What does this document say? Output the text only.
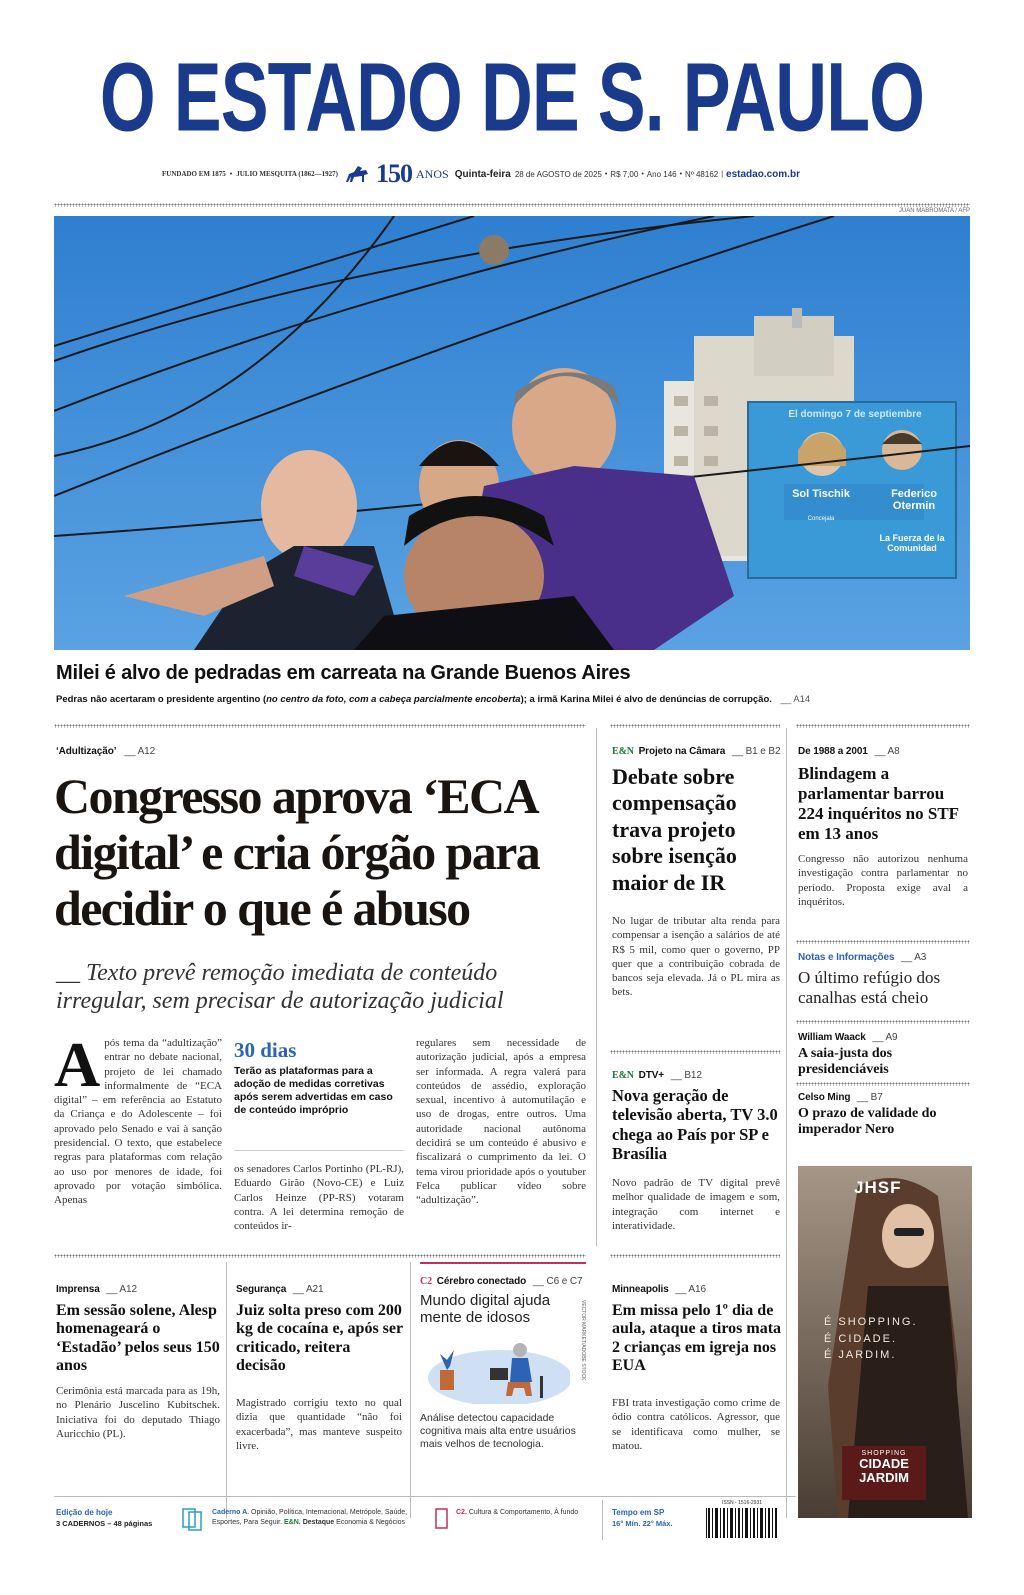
O ESTADO DE S. PAULO
FUNDADO EM 1875 • JULIO MESQUITA (1862—1927) 150 ANOS Quinta-feira 28 de AGOSTO de 2025 • R$ 7,00 • Ano 146 • Nº 48162 | estadao.com.br
JUAN MABROMATA / AFP
El domingo 7 de septiembre
Sol Tischik
Concejala
Federico Otermin
La Fuerza de la Comunidad
Milei é alvo de pedradas em carreata na Grande Buenos Aires
Pedras não acertaram o presidente argentino (no centro da foto, com a cabeça parcialmente encoberta); a irmã Karina Milei é alvo de denúncias de corrupção. __ A14
‘Adultização’ __ A12
Congresso aprova ‘ECA digital’ e cria órgão para decidir o que é abuso
__ Texto prevê remoção imediata de conteúdo irregular, sem precisar de autorização judicial
A pós tema da “adultização” entrar no debate nacional, projeto de lei chamado informalmente de “ECA digital” – em referência ao Estatuto da Criança e do Adolescente – foi aprovado pelo Senado e vai à sanção presidencial. O texto, que estabelece regras para plataformas com relação ao uso por menores de idade, foi aprovado por votação simbólica. Apenas

30 dias
Terão as plataformas para a adoção de medidas corretivas após serem advertidas em caso de conteúdo impróprio

os senadores Carlos Portinho (PL-RJ), Eduardo Girão (Novo-CE) e Luiz Carlos Heinze (PP-RS) votaram contra. A lei determina remoção de conteúdos ir-

regulares sem necessidade de autorização judicial, após a empresa ser informada. A regra valerá para conteúdos de assédio, exploração sexual, incentivo à automutilação e uso de drogas, entre outros. Uma autoridade nacional autônoma decidirá se um conteúdo é abusivo e fiscalizará o cumprimento da lei. O tema virou prioridade após o youtuber Felca publicar vídeo sobre “adultização”.

E&N Projeto na Câmara __ B1 e B2
Debate sobre compensação trava projeto sobre isenção maior de IR

No lugar de tributar alta renda para compensar a isenção a salários de até R$ 5 mil, como quer o governo, PP quer que a contribuição cobrada de bancos seja elevada. Já o PL mira as bets.

E&N DTV+ __ B12
Nova geração de televisão aberta, TV 3.0 chega ao País por SP e Brasília

Novo padrão de TV digital prevê melhor qualidade de imagem e som, integração com internet e interatividade.

De 1988 a 2001 __ A8
Blindagem a parlamentar barrou 224 inquéritos no STF em 13 anos

Congresso não autorizou nenhuma investigação contra parlamentar no período. Proposta exige aval a inquéritos.

Notas e Informações __ A3
O último refúgio dos canalhas está cheio
William Waack __ A9
A saia-justa dos presidenciáveis
Celso Ming __ B7
O prazo de validade do imperador Nero
JHSF
É SHOPPING.
É CIDADE.
É JARDIM.
SHOPPING
CIDADE
JARDIM
Imprensa __ A12
Em sessão solene, Alesp homenageará o ‘Estadão’ pelos seus 150 anos

Cerimônia está marcada para as 19h, no Plenário Juscelino Kubitschek. Iniciativa foi do deputado Thiago Auricchio (PL).

Segurança __ A21
Juiz solta preso com 200 kg de cocaína e, após ser criticado, reitera decisão

Magistrado corrigiu texto no qual dizia que quantidade “não foi exacerbada”, mas manteve suspeito livre.

C2 Cérebro conectado __ C6 e C7
Mundo digital ajuda mente de idosos	VECTOR MARKET/ADOBE STOCK

Análise detectou capacidade cognitiva mais alta entre usuários mais velhos de tecnologia.

Minneapolis __ A16
Em missa pelo 1º dia de aula, ataque a tiros mata 2 crianças em igreja nos EUA

FBI trata investigação como crime de ódio contra católicos. Agressor, que se identificava como mulher, se matou.

Edição de hoje
3 CADERNOS – 48 páginas
Caderno A. Opinião, Política, Internacional, Metrópole, Saúde, Esportes, Para Seguir. E&N. Destaque Economia & Negócios
C2. Cultura & Comportamento, À fundo	Tempo em SP
16° Mín. 22° Máx.
ISSN - 1516-2931
